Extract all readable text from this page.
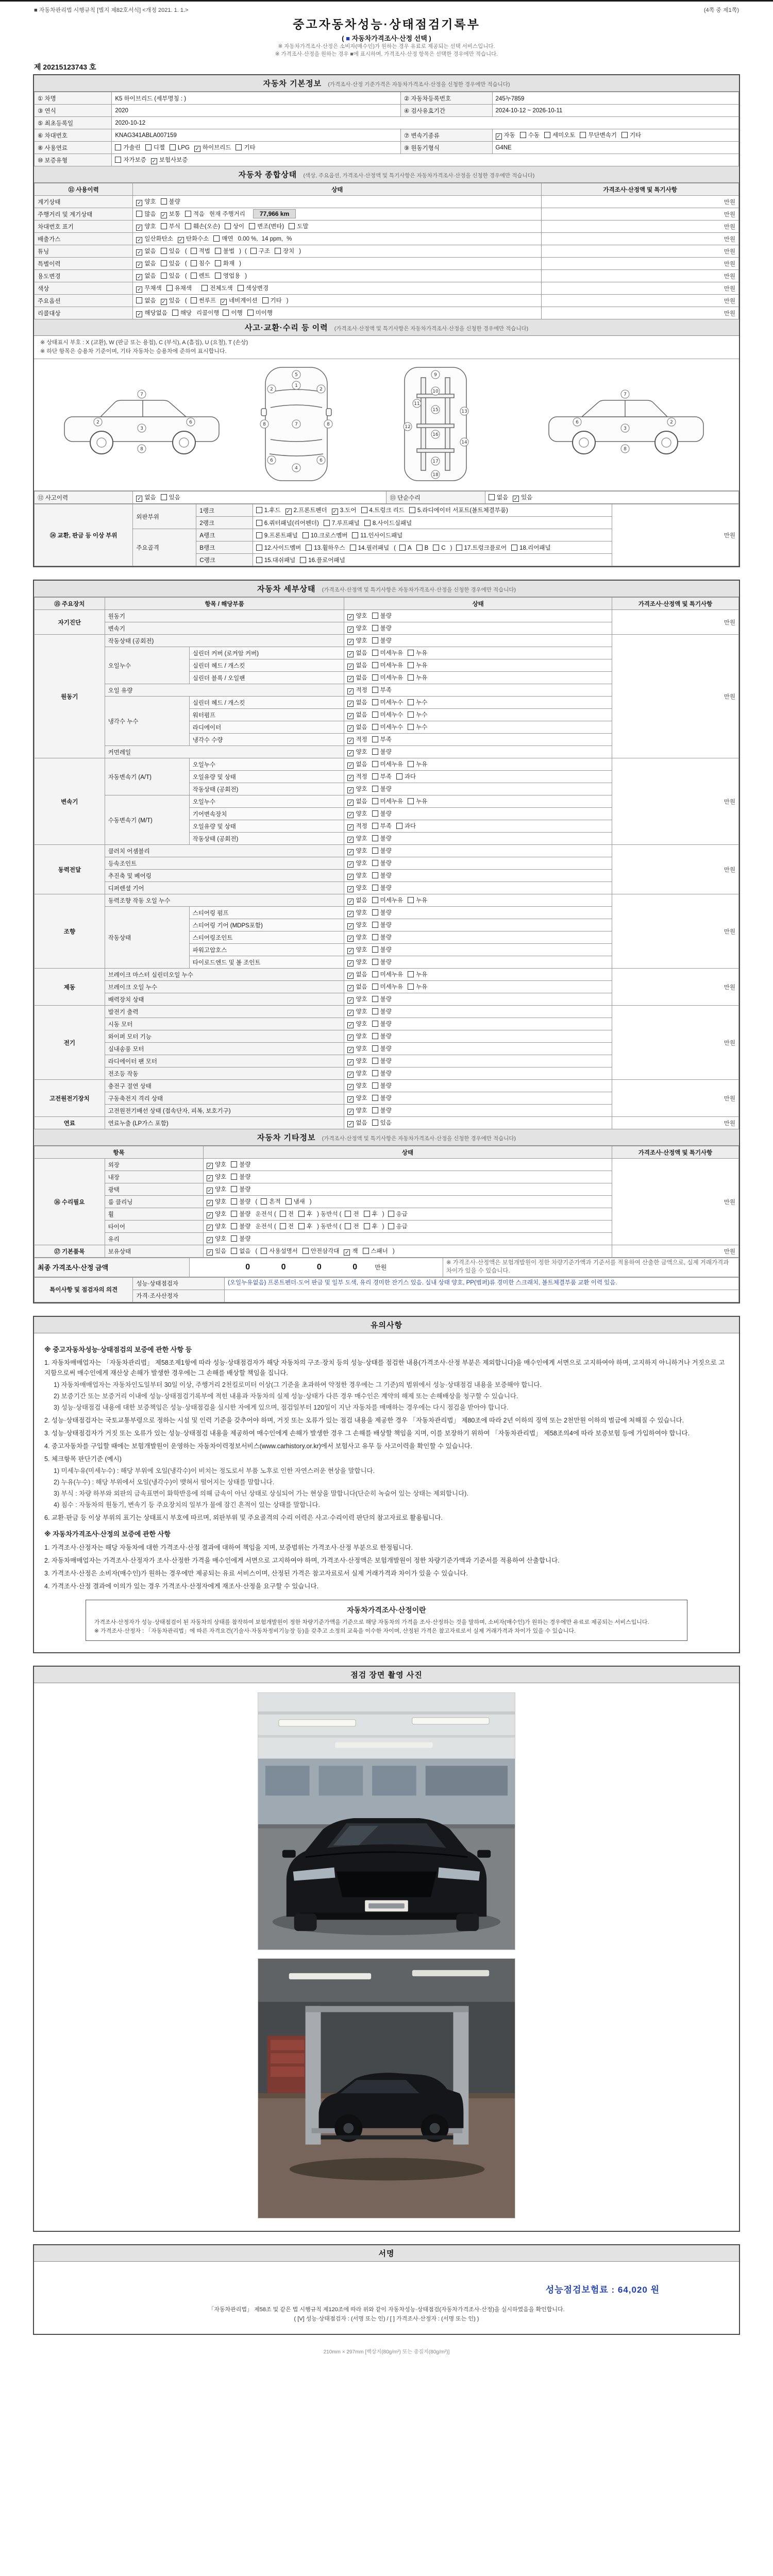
■ 자동차관리법 시행규칙 [별지 제82호서식] <개정 2021. 1. 1.>	(4쪽 중 제1쪽)
중고자동차성능·상태점검기록부
( ■ 자동차가격조사·산정 선택 )
※ 자동차가격조사·산정은 소비자(매수인)가 원하는 경우 유료로 제공되는 선택 서비스입니다.
※ 가격조사·산정을 원하는 경우 ■에 표시하며, 가격조사·산정 항목은 선택한 경우에만 적습니다.
제 20215123743 호
자동차 기본정보 (가격조사·산정 기준가격은 자동차가격조사·산정을 신청한 경우에만 적습니다)
① 차명	K5 하이브리드 (세부명칭 : )	② 자동차등록번호	245누7859
③ 연식	2020	④ 검사유효기간	2024-10-12 ~ 2026-10-11
⑤ 최초등록일	2020-10-12		
⑥ 차대번호	KNAG341ABLA007159	⑦ 변속기종류	✓자동 수동 세미오토 무단변속기 기타
⑧ 사용연료	가솔린 디젤 LPG ✓ 하이브리드 기타	⑨ 원동기형식	G4NE
⑩ 보증유형	자가보증 ✓ 보험사보증
자동차 종합상태 (색상, 주요옵션, 가격조사·산정액 및 특기사항은 자동차가격조사·산정을 신청한 경우에만 적습니다)
⑪ 사용이력	상태	가격조사·산정액 및 특기사항
계기상태	✓양호 불량	만원
주행거리 및 계기상태	많음 ✓ 보통 적음 현재 주행거리 77,966 km	만원
차대번호 표기	✓양호 부식 훼손(오손) 상이 변조(변타) 도말	만원
배출가스	✓일산화탄소 ✓ 탄화수소 매연 0.00 %, 14 ppm, %	만원
튜닝	✓없음 있음 ( 적법 불법 ) ( 구조 장치 )	만원
특별이력	✓없음 있음 ( 침수 화재 )	만원
용도변경	✓없음 있음 ( 렌트 영업용 )	만원
색상	✓무채색 유채색 전체도색 색상변경	만원
주요옵션	없음 ✓ 있음 ( 썬루프 ✓ 네비게이션 기타 )	만원
리콜대상	✓해당없음 해당 리콜이행 이행 미이행	만원
사고·교환·수리 등 이력 (가격조사·산정액 및 특기사항은 자동차가격조사·산정을 신청한 경우에만 적습니다)
※ 상태표시 부호 : X (교환), W (판금 또는 용접), C (부식), A (흠집), U (요철), T (손상)
※ 하단 항목은 승용차 기준이며, 기타 자동차는 승용차에 준하여 표시합니다.
2
3
6
7
8
5
1
7
4
2	2
6	6
8	8
9
10
11
12
13
14
15
16
17
18
6
3
2
7
8
⑫ 사고이력	✓없음 있음	⑬ 단순수리	없음 ✓ 있음
⑭ 교환, 판금 등 이상 부위	외판부위	1랭크	1.후드 ✓ 2.프론트펜더 ✓ 3.도어 4.트렁크 리드 5.라디에이터 서포트(볼트체결부품)	만원
		2랭크	6.쿼터패널(리어펜더) 7.루프패널 8.사이드실패널	
	주요골격	A랭크	9.프론트패널 10.크로스멤버 11.인사이드패널	
		B랭크	12.사이드멤버 13.휠하우스 14.필러패널 ( A B C ) 17.트렁크플로어 18.리어패널	
		C랭크	15.대쉬패널 16.플로어패널	
자동차 세부상태 (가격조사·산정액 및 특기사항은 자동차가격조사·산정을 신청한 경우에만 적습니다)
⑮ 주요장치	항목 / 해당부품		상태	가격조사·산정액 및 특기사항
자기진단	원동기	✓양호 불량	만원
	변속기	✓양호 불량
원동기	작동상태 (공회전)	✓양호 불량	만원
	오일누수	실린더 커버 (로커암 커버)	✓없음 미세누유 누유
		실린더 헤드 / 개스킷	✓없음 미세누유 누유
		실린더 블록 / 오일팬	✓없음 미세누유 누유
	오일 유량	✓적정 부족
	냉각수 누수	실린더 헤드 / 개스킷	✓없음 미세누수 누수
		워터펌프	✓없음 미세누수 누수
		라디에이터	✓없음 미세누수 누수
		냉각수 수량	✓적정 부족
	커먼레일	✓양호 불량
변속기	자동변속기 (A/T)	오일누수	✓없음 미세누유 누유	만원
		오일유량 및 상태	✓적정 부족 과다
		작동상태 (공회전)	✓양호 불량
	수동변속기 (M/T)	오일누수	✓없음 미세누유 누유
		기어변속장치	✓양호 불량
		오일유량 및 상태	✓적정 부족 과다
		작동상태 (공회전)	✓양호 불량
동력전달	클러치 어셈블리	✓양호 불량	만원
	등속조인트	✓양호 불량
	추진축 및 베어링	✓양호 불량
	디퍼렌셜 기어	✓양호 불량
조향	동력조향 작동 오일 누수	✓없음 미세누유 누유	만원
	작동상태	스티어링 펌프	✓양호 불량
		스티어링 기어 (MDPS포함)	✓양호 불량
		스티어링조인트	✓양호 불량
		파워고압호스	✓양호 불량
		타이로드엔드 및 볼 조인트	✓양호 불량
제동	브레이크 마스터 실린더오일 누수	✓없음 미세누유 누유	만원
	브레이크 오일 누수	✓없음 미세누유 누유
	배력장치 상태	✓양호 불량
전기	발전기 출력	✓양호 불량	만원
	시동 모터	✓양호 불량
	와이퍼 모터 기능	✓양호 불량
	실내송풍 모터	✓양호 불량
	라디에이터 팬 모터	✓양호 불량
	전조등 작동	✓양호 불량
고전원전기장치	충전구 절연 상태	✓양호 불량	만원
	구동축전지 격리 상태	✓양호 불량
	고전원전기배선 상태 (접속단자, 피복, 보호기구)	✓양호 불량
연료	연료누출 (LP가스 포함)	✓없음 있음	만원
자동차 기타정보 (가격조사·산정액 및 특기사항은 자동차가격조사·산정을 신청한 경우에만 적습니다)
항목		상태	가격조사·산정액 및 특기사항
⑯ 수리필요	외장	✓양호 불량	만원
	내장	✓양호 불량
	광택	✓양호 불량
	룸 클리닝	✓양호 불량 ( 흔적 냄새 )
	휠	✓양호 불량 운전석 ( 전 후 ) 동반석 ( 전 후 ) 응급
	타이어	✓양호 불량 운전석 ( 전 후 ) 동반석 ( 전 후 ) 응급
	유리	✓양호 불량
⑰ 기본품목	보유상태	✓있음 없음 ( 사용설명서 안전삼각대 ✓ 잭 스패너 )	만원
최종 가격조사·산정 금액	0 0 0 0 만원	※ 가격조사·산정액은 보험개발원이 정한 차량기준가액과 기준서를 적용하여 산출한 금액으로, 실제 거래가격과 차이가 있을 수 있습니다.
특이사항 및 점검자의 의견	성능·상태점검자	(오일누유없음) 프론트펜더·도어 판금 및 일부 도색, 유리 경미한 잔기스 있음. 실내 상태 양호, PP(범퍼)류 경미한 스크래치, 볼트체결부품 교환 이력 있음.
	가격·조사산정자	
유의사항
※ 중고자동차성능·상태점검의 보증에 관한 사항 등
1. 자동차매매업자는 「자동차관리법」 제58조제1항에 따라 성능·상태점검자가 해당 자동차의 구조·장치 등의 성능·상태를 점검한 내용(가격조사·산정 부분은 제외합니다)을 매수인에게 서면으로 고지하여야 하며, 고지하지 아니하거나 거짓으로 고지함으로써 매수인에게 재산상 손해가 발생한 경우에는 그 손해를 배상할 책임을 집니다.
1) 자동차매매업자는 자동차인도일부터 30일 이상, 주행거리 2천킬로미터 이상(그 기준을 초과하여 약정한 경우에는 그 기준)의 범위에서 성능·상태점검 내용을 보증해야 합니다.
2) 보증기간 또는 보증거리 이내에 성능·상태점검기록부에 적힌 내용과 자동차의 실제 성능·상태가 다른 경우 매수인은 계약의 해제 또는 손해배상을 청구할 수 있습니다.
3) 성능·상태점검 내용에 대한 보증책임은 성능·상태점검을 실시한 자에게 있으며, 점검일부터 120일이 지난 자동차를 매매하는 경우에는 다시 점검을 받아야 합니다.
2. 성능·상태점검자는 국토교통부령으로 정하는 시설 및 인력 기준을 갖추어야 하며, 거짓 또는 오류가 있는 점검 내용을 제공한 경우 「자동차관리법」 제80조에 따라 2년 이하의 징역 또는 2천만원 이하의 벌금에 처해질 수 있습니다.
3. 성능·상태점검자가 거짓 또는 오류가 있는 성능·상태점검 내용을 제공하여 매수인에게 손해가 발생한 경우 그 손해를 배상할 책임을 지며, 이를 보장하기 위하여 「자동차관리법」 제58조의4에 따라 보증보험 등에 가입하여야 합니다.
4. 중고자동차를 구입할 때에는 보험개발원이 운영하는 자동차이력정보서비스(www.carhistory.or.kr)에서 보험사고 유무 등 사고이력을 확인할 수 있습니다.
5. 체크항목 판단기준 (예시)
1) 미세누유(미세누수) : 해당 부위에 오일(냉각수)이 비치는 정도로서 부품 노후로 인한 자연스러운 현상을 말합니다.
2) 누유(누수) : 해당 부위에서 오일(냉각수)이 맺혀서 떨어지는 상태를 말합니다.
3) 부식 : 차량 하부와 외판의 금속표면이 화학반응에 의해 금속이 아닌 상태로 상실되어 가는 현상을 말합니다(단순히 녹슬어 있는 상태는 제외합니다).
4) 침수 : 자동차의 원동기, 변속기 등 주요장치의 일부가 물에 잠긴 흔적이 있는 상태를 말합니다.
6. 교환·판금 등 이상 부위의 표기는 상태표시 부호에 따르며, 외판부위 및 주요골격의 수리 이력은 사고·수리이력 판단의 참고자료로 활용됩니다.
※ 자동차가격조사·산정의 보증에 관한 사항
1. 가격조사·산정자는 해당 자동차에 대한 가격조사·산정 결과에 대하여 책임을 지며, 보증범위는 가격조사·산정 부분으로 한정됩니다.
2. 자동차매매업자는 가격조사·산정자가 조사·산정한 가격을 매수인에게 서면으로 고지하여야 하며, 가격조사·산정액은 보험개발원이 정한 차량기준가액과 기준서를 적용하여 산출합니다.
3. 가격조사·산정은 소비자(매수인)가 원하는 경우에만 제공되는 유료 서비스이며, 산정된 가격은 참고자료로서 실제 거래가격과 차이가 있을 수 있습니다.
4. 가격조사·산정 결과에 이의가 있는 경우 가격조사·산정자에게 재조사·산정을 요구할 수 있습니다.
자동차가격조사·산정이란
가격조사·산정자가 성능·상태점검이 된 자동차의 상태를 참작하여 보험개발원이 정한 차량기준가액을 기준으로 해당 자동차의 가격을 조사·산정하는 것을 말하며, 소비자(매수인)가 원하는 경우에만 유료로 제공되는 서비스입니다.
※ 가격조사·산정자 : 「자동차관리법」에 따른 자격요건(기술사·자동차정비기능장 등)을 갖추고 소정의 교육을 이수한 자이며, 산정된 가격은 참고자료로서 실제 거래가격과 차이가 있을 수 있습니다.
점검 장면 촬영 사진
서명
성능점검보험료 : 64,020 원
「자동차관리법」 제58조 및 같은 법 시행규칙 제120조에 따라 위와 같이 자동차성능·상태점검(자동차가격조사·산정)을 실시하였음을 확인합니다.
( [V] 성능·상태점검자 : (서명 또는 인) / [ ] 가격조사·산정자 : (서명 또는 인) )
210mm × 297mm [백상지(80g/m²) 또는 중질지(80g/m²)]
